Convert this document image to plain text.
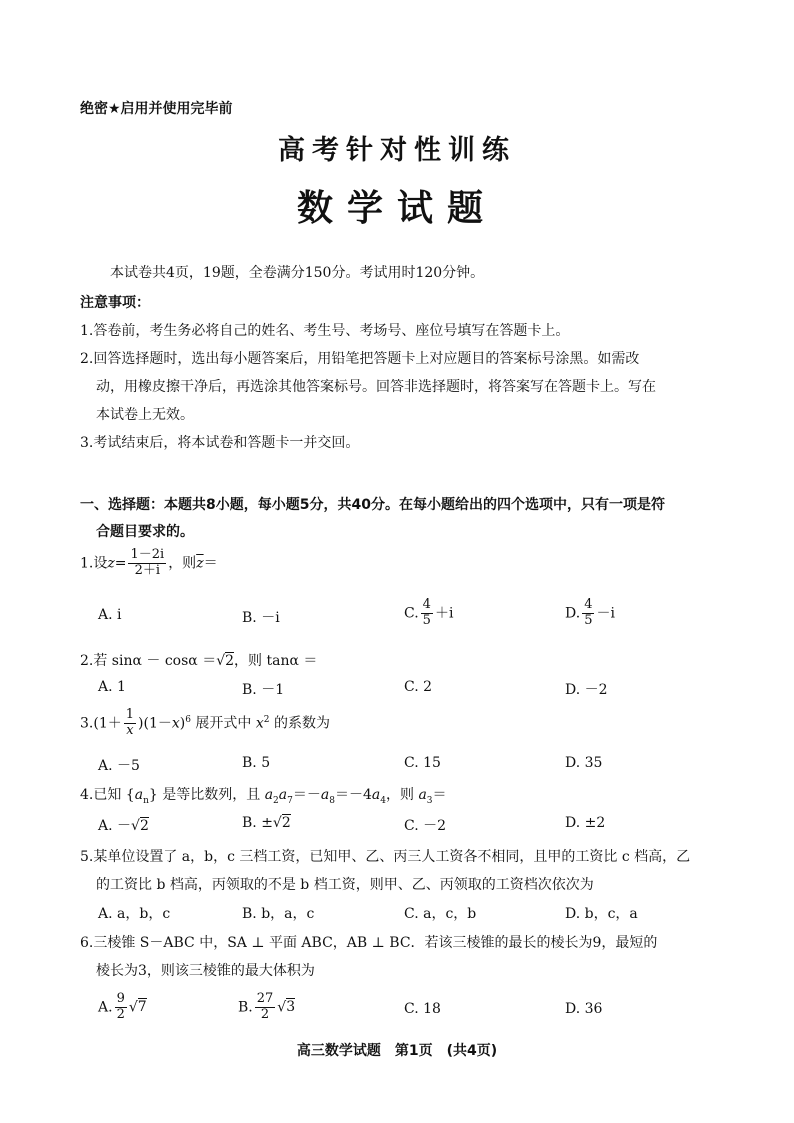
绝密★启用并使用完毕前
高考针对性训练
数学试题
本试卷共4页，19题，全卷满分150分。考试用时120分钟。
注意事项：
1.答卷前，考生务必将自己的姓名、考生号、考场号、座位号填写在答题卡上。
2.回答选择题时，选出每小题答案后，用铅笔把答题卡上对应题目的答案标号涂黑。如需改
动，用橡皮擦干净后，再选涂其他答案标号。回答非选择题时，将答案写在答题卡上。写在
本试卷上无效。
3.考试结束后，将本试卷和答题卡一并交回。
一、选择题：本题共8小题，每小题5分，共40分。在每小题给出的四个选项中，只有一项是符
合题目要求的。
1.设$z= \frac{1-2i}{2+i}$ ，则$\overline{z}=$
A. i	B. －i	C. $\frac{4}{5} +i$	D. $\frac{4}{5} -i$
2.若 sinα － cosα ＝√2，则 tanα ＝
A. 1	B. －1	C. 2	D. －2
$3.(1+ \frac{1}{x} )(1-x)^6$ 展开式中 $x^2$ 的系数为
A. －5	B. 5	C. 15	D. 35
4.已知 $\{a_n\}$ 是等比数列，且 $a_2a_7=-a_8=-4a_4$，则 $a_3=$
A. －√2	B. ±√2	C. －2	D. ±2
5.某单位设置了 a，b，c 三档工资，已知甲、乙、丙三人工资各不相同，且甲的工资比 c 档高，乙
的工资比 b 档高，丙领取的不是 b 档工资，则甲、乙、丙领取的工资档次依次为
A. a，b，c	B. b，a，c	C. a，c，b	D. b，c，a
6.三棱锥 S－ABC 中，SA ⊥ 平面 ABC，AB ⊥ BC．若该三棱锥的最长的棱长为9，最短的
棱长为3，则该三棱锥的最大体积为
A. $\frac{9}{2} √7$	B. $\frac{27}{2} √3$	C. 18	D. 36
高三数学试题　第1页　(共4页)
